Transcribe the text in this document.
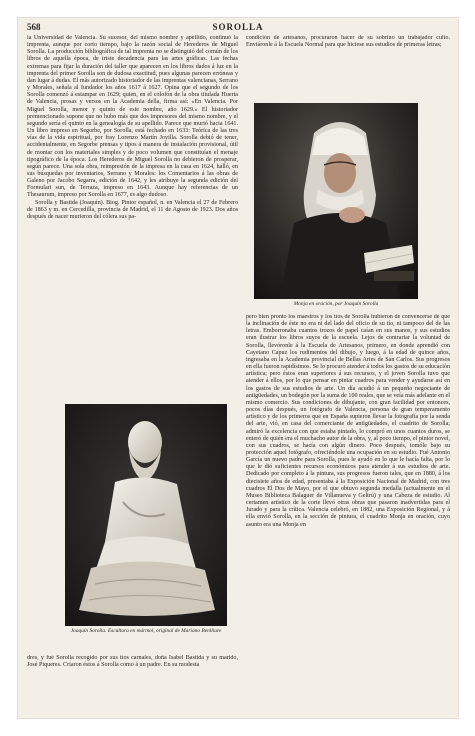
568	SOROLLA

la Universidad de Valencia. Su sucesor, del mismo nombre y apellido, continuó la imprenta, aunque por corto tiempo, bajo la razón social de Herederos de Miguel Sorolla. La producción bibliográfica de tal imprenta no se distinguió del común de los libros de aquella época, de triste decadencia para las artes gráficas. Las fechas extremas para fijar la duración del taller que aparecen en los libros dados á luz en la imprenta del primer Sorolla son de dudosa exactitud, pues algunas parecen erróneas y dan lugar á dudas. El más autorizado historiador de las imprentas valencianas, Serrano y Morales, señala al fundador los años 1617 á 1627. Opina que el segundo de los Sorolla comenzó á estampar en 1629; quien, en el colofón de la obra titulada Huerta de Valencia, prosas y versos en la Academia della, firma así: «En Valencia. Por Miguel Sorolla, menor y quinto de este nombre, año 1629.» El historiador premencionado supone que no hubo más que dos impresores del mismo nombre, y el segundo sería el quinto en la genealogía de su apellido. Parece que murió hacia 1641. Un libro impreso en Segorbe, por Sorolla, está fechado en 1633: Teórica de las tres vías de la vida espiritual, por fray Lorenzo Martín Joyilla. Sorolla debió de tener, accidentalmente, en Segorbe prensas y tipos á manera de instalación provisional, útil de montar con los materiales simples y de poco volumen que constituían el menaje tipográfico de la época. Los Herederos de Miguel Sorolla no debieron de prosperar, según parece. Una sola obra, reimpresión de la impresa en la casa en 1624, halló, en sus búsquedas por inventarios, Serrano y Morales: los Comentarios á las obras de Galeno por Jacobo Segarra, edición de 1642, y les atribuye la segunda edición del Formulari sun, de Terraza, impreso en 1643. Aunque hay referencias de un Thesaurum, impreso por Sorolla en 1677, es algo dudoso.

Sorolla y Bastida (Joaquín). Biog. Pintor español, n. en Valencia el 27 de Febrero de 1863 y m. en Cercedilla, provincia de Madrid, el 11 de Agosto de 1923. Dos años después de nacer murieron del cólera sus pa-

condición de artesanos, procuraron hacer de su sobrino un trabajador culto. Enviáronle á la Escuela Normal para que hiciese sus estudios de primeras letras;

Monja en oración, por Joaquín Sorolla

pero bien pronto los maestros y los tíos de Sorolla hubieron de convencerse de que la inclinación de éste no era ni del lado del oficio de su tío, ni tampoco del de las letras. Emborronaba cuantos trozos de papel caían en sus manos, y sus estudios eran ilustrar los libros suyos de la escuela. Lejos de contrariar la voluntad de Sorolla, llevóronle á la Escuela de Artesanos, primero, en donde aprendió con Cayetano Capuz los rudimentos del dibujo, y luego, á la edad de quince años, ingresaba en la Academia provincial de Bellas Artes de San Carlos. Sus progresos en ella fueron rapidísimos. Se lo procuró atender á todos los gastos de su educación artística; pero éstos eran superiores á sus recursos, y el joven Sorolla tuvo que atender á ellos, por lo que pensar en pintar cuadros para vender y ayudarse así en los gastos de sus estudios de arte. Un día acudió á un pequeño negociante de antigüedades, un bodegón por la suma de 100 reales, que se veía más adelante en el mismo comercio. Sus condiciones de dibujante, con gran facilidad por entonces, pocos días después, un fotógrafo de Valencia, persona de gran temperamento artístico y de los primeros que en España supieron llevar la fotografía por la senda del arte, vió, en casa del comerciante de antigüedades, el cuadrito de Sorolla; admiró la excelencia con que estaba pintado, lo compró en unos cuantos duros, se enteró de quién era el muchacho autor de la obra, y, al poco tiempo, el pintor novel, con sus cuadros, se hacía con algún dinero. Poco después, tomóle bajo su protección aquel fotógrafo, ofreciéndole una ocupación en su estudio. Fué Antonio García un nuevo padre para Sorolla, pues le ayudó en lo que le hacía falta, por lo que le dió suficientes recursos económicos para atender á sus estudios de arte. Dedicado por completo á la pintura, sus progresos fueron tales, que en 1880, á los diecisiete años de edad, presentaba á la Exposición Nacional de Madrid, con tres cuadros El Dos de Mayo, por el que obtuvo segunda medalla (actualmente en el Museo Biblioteca Balaguer de Villanueva y Geltrú) y una Cabeza de estudio. Al certamen artístico de la corte llevó otras obras que pasaron inadvertidas para el Jurado y para la crítica. Valencia celebró, en 1882, una Exposición Regional, y á ella envió Sorolla, en la sección de pintura, el cuadrito Monja en oración, cuyo asunto era una Monja en

Joaquín Sorolla. Escultura en mármol, original de Mariano Benlliure

dres, y fué Sorolla recogido por sus tíos carnales, doña Isabel Bastida y su marido, José Piqueres. Criaron éstos á Sorolla como á un padre. En su modesta
